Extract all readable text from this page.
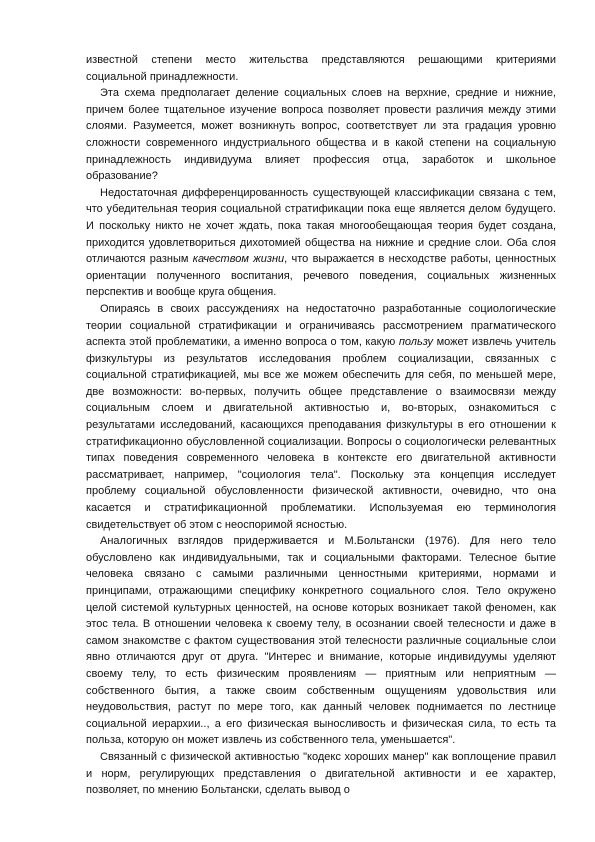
известной степени место жительства представляются решающими критериями социальной принадлежности.

Эта схема предполагает деление социальных слоев на верхние, средние и нижние, причем более тщательное изучение вопроса позволяет провести различия между этими слоями. Разумеется, может возникнуть вопрос, соответствует ли эта градация уровню сложности современного индустриального общества и в какой степени на социальную принадлежность индивидуума влияет профессия отца, заработок и школьное образование?

Недостаточная дифференцированность существующей классификации связана с тем, что убедительная теория социальной стратификации пока еще является делом будущего. И поскольку никто не хочет ждать, пока такая многообещающая теория будет создана, приходится удовлетвориться дихотомией общества на нижние и средние слои. Оба слоя отличаются разным качеством жизни, что выражается в несходстве работы, ценностных ориентации полученного воспитания, речевого поведения, социальных жизненных перспектив и вообще круга общения.

Опираясь в своих рассуждениях на недостаточно разработанные социологические теории социальной стратификации и ограничиваясь рассмотрением прагматического аспекта этой проблематики, а именно вопроса о том, какую пользу может извлечь учитель физкультуры из результатов исследования проблем социализации, связанных с социальной стратификацией, мы все же можем обеспечить для себя, по меньшей мере, две возможности: во-первых, получить общее представление о взаимосвязи между социальным слоем и двигательной активностью и, во-вторых, ознакомиться с результатами исследований, касающихся преподавания физкультуры в его отношении к стратификационно обусловленной социализации. Вопросы о социологически релевантных типах поведения современного человека в контексте его двигательной активности рассматривает, например, "социология тела". Поскольку эта концепция исследует проблему социальной обусловленности физической активности, очевидно, что она касается и стратификационной проблематики. Используемая ею терминология свидетельствует об этом с неоспоримой ясностью.

Аналогичных взглядов придерживается и М.Больтански (1976). Для него тело обусловлено как индивидуальными, так и социальными факторами. Телесное бытие человека связано с самыми различными ценностными критериями, нормами и принципами, отражающими специфику конкретного социального слоя. Тело окружено целой системой культурных ценностей, на основе которых возникает такой феномен, как этос тела. В отношении человека к своему телу, в осознании своей телесности и даже в самом знакомстве с фактом существования этой телесности различные социальные слои явно отличаются друг от друга. "Интерес и внимание, которые индивидуумы уделяют своему телу, то есть физическим проявлениям — приятным или неприятным — собственного бытия, а также своим собственным ощущениям удовольствия или неудовольствия, растут по мере того, как данный человек поднимается по лестнице социальной иерархии.., а его физическая выносливость и физическая сила, то есть та польза, которую он может извлечь из собственного тела, уменьшается".

Связанный с физической активностью "кодекс хороших манер" как воплощение правил и норм, регулирующих представления о двигательной активности и ее характер, позволяет, по мнению Больтански, сделать вывод о
